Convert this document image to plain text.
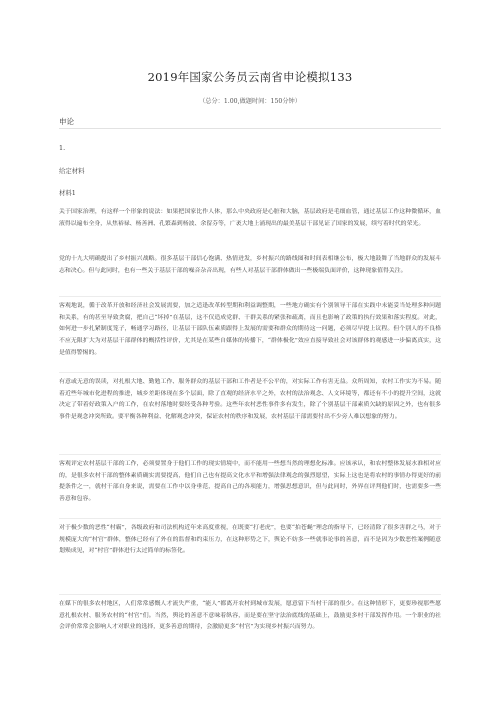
2019年国家公务员云南省申论模拟133
（总分：1.00,做题时间：150分钟）
申论
1.
给定材料
材料1

关于国家治理，有这样一个形象的说法：如果把国家比作人体，那么中央政府是心脏和大脑，基层政府是毛细血管，通过基层工作这种微循环，血液得以遍布全身，从焦裕禄、杨善洲、孔繁森到杨波、余留芬等，广袤大地上涌现出的最美基层干部见证了国家的发展，续写着时代的荣光。

党的十九大明确提出了乡村振兴战略。很多基层干部信心饱满、热情迸发，乡村振兴的路线图和时间表相继公布，极大地鼓舞了当地群众的发展斗志和决心。但与此同时，也有一些关于基层干部的噪音杂音出现，有些人对基层干部群体做出一些极端负面评价，这种现象值得关注。

客观地说，循于改革开放和经济社会发展需要，加之适逢改革转型期和利益调整期，一些地方确实有个别领导干部在实践中未能妥当处理多种问题和关系，有的甚至导致贪腐，把自己“坏掉”在基层，这不仅造成党群、干群关系的紧张和疏离，而且也影响了政策的执行效果和落实程度。对此，如何进一步扎紧制度笼子，畅通学习路径，让基层干部队伍素质跟得上发展的需要和群众的期待这一问题，必须尽早提上议程。但个别人的不良格不应无限扩大为对基层干部群体的概括性评价，尤其是在某些自媒体的传播下，“群体极化”效应直接导致社会对该群体的观感进一步偏离真实，这是值得警惕的。

有意或无意的误读，对扎根大地、勤勉工作、服务群众的基层干部和工作者是不公平的，对实际工作有害无益。众所周知，农村工作实为不易。随着近些年城市化进程的推进，城乡差距体现在多个层面，除了直观的经济水平之外，农村的法治观念、人文环境等，都还有不小的提升空间，这就决定了带着好政策入户的工作，在农村落地时要经受各种考验。这些年农村恶性事件多有发生，除了个别基层干部素质欠缺的原因之外，也有很多事件是观念冲突所致。要平衡各种利益、化解观念冲突，保证农村的秩序和发展，农村基层干部需要付出不少旁人难以想象的努力。

客观评定农村基层干部的工作，必须要置身于他们工作的现实情境中，而不能用一些想当然的理想化标准。应该承认，和农村整体发展水准相对应的，是很多农村干部的整体素质确实需要提高，他们自己也有提高文化水平和增强法律观念的强烈愿望，实际上这也是将农村的事情办得更好的前提条件之一，就村干部自身来说，需要在工作中以身垂范，提高自己的各项能力，增强思想意识，但与此同时，外界在评判他们时，也需要多一些善意和包容。

对于极少数的恶性“村霸”，各级政府和司法机构近年来高度重视，在既要“打老虎”，也要“拍苍蝇”理念的指导下，已经清除了很多害群之马，对于规模庞大的“村官”群体，整体已经有了外在的监督和约束压力，在这种形势之下，舆论不妨多一些就事论事的善意，而不是因为少数恶性案例随意划殒成见，对“村官”群体进行太过简单的标签化。

在媒下的很多农村地区，人们常常感慨人才流失严重，“能人”都离开农村到城市发展，愿意留下当村干部的很少。在这种情形下，更要珍视那些愿意扎根农村、服务农村的“村官”们。当然，舆论的善意不意味着纵容，而是要在坚守法治底线的基础上，鼓励更多村干部发挥作用。一个职业的社会评价常常会影响人才对职业的选择，更多善意的期待，会激励更多“村官”为实现乡村振兴而努力。
